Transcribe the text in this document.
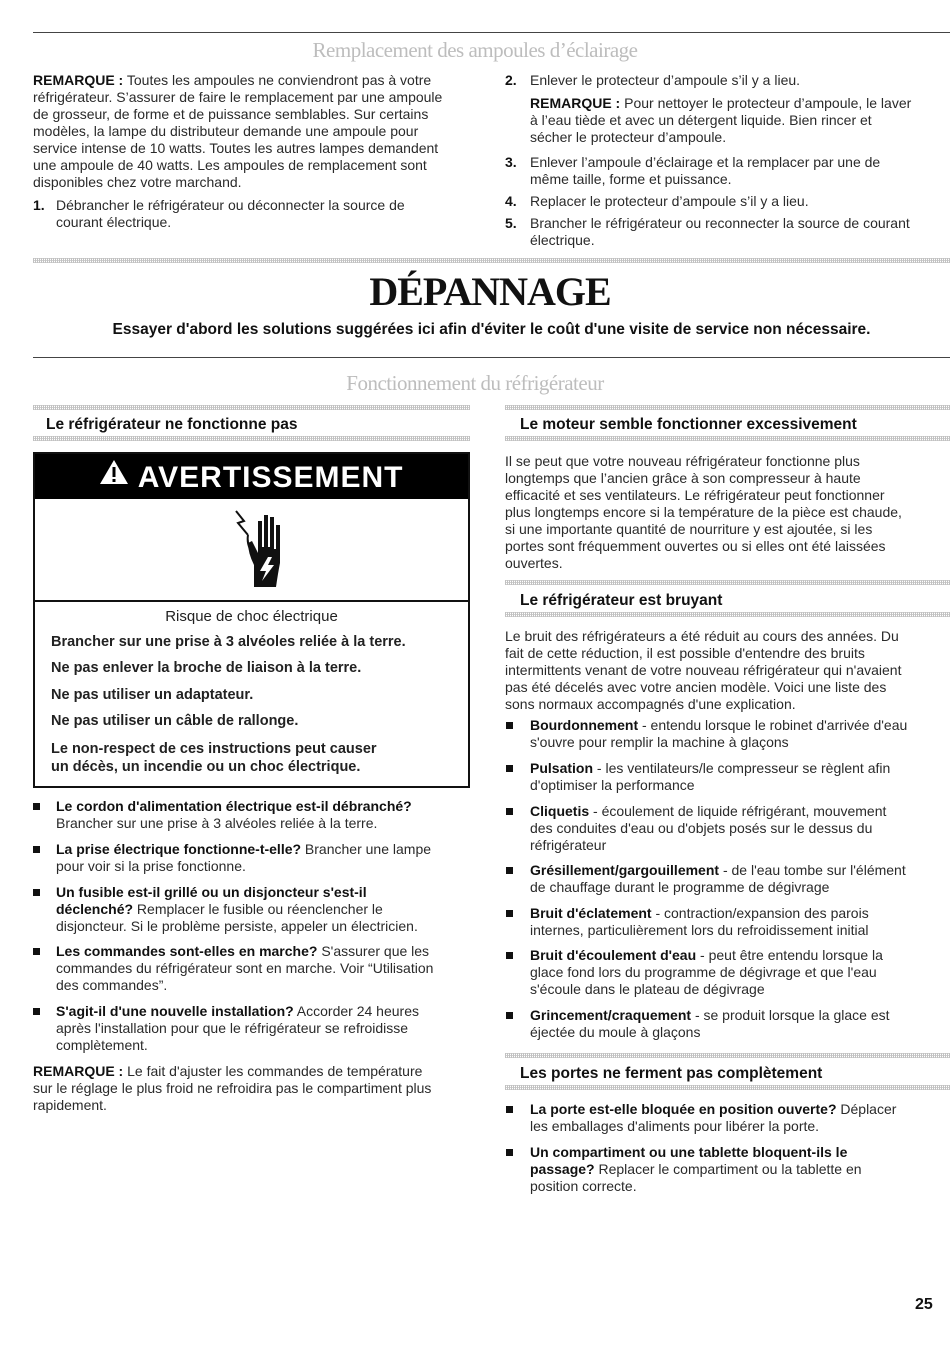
Remplacement des ampoules d’éclairage

REMARQUE : Toutes les ampoules ne conviendront pas à votre

réfrigérateur. S’assurer de faire le remplacement par une ampoule

de grosseur, de forme et de puissance semblables. Sur certains

modèles, la lampe du distributeur demande une ampoule pour

service intense de 10 watts. Toutes les autres lampes demandent

une ampoule de 40 watts. Les ampoules de remplacement sont

disponibles chez votre marchand.

1. Débrancher le réfrigérateur ou déconnecter la source de

courant électrique.

2. Enlever le protecteur d’ampoule s’il y a lieu.

REMARQUE : Pour nettoyer le protecteur d’ampoule, le laver

à l’eau tiède et avec un détergent liquide. Bien rincer et

sécher le protecteur d’ampoule.

3. Enlever l’ampoule d’éclairage et la remplacer par une de

même taille, forme et puissance.

4. Replacer le protecteur d’ampoule s’il y a lieu.

5. Brancher le réfrigérateur ou reconnecter la source de courant

électrique.

DÉPANNAGE
Essayer d'abord les solutions suggérées ici afin d'éviter le coût d'une visite de service non nécessaire.
Fonctionnement du réfrigérateur
Le réfrigérateur ne fonctionne pas
AVERTISSEMENT
Risque de choc électrique
Brancher sur une prise à 3 alvéoles reliée à la terre.
Ne pas enlever la broche de liaison à la terre.
Ne pas utiliser un adaptateur.
Ne pas utiliser un câble de rallonge.

Le non-respect de ces instructions peut causer

un décès, un incendie ou un choc électrique.

Le cordon d'alimentation électrique est-il débranché?

Brancher sur une prise à 3 alvéoles reliée à la terre.

La prise électrique fonctionne-t-elle? Brancher une lampe

pour voir si la prise fonctionne.

Un fusible est-il grillé ou un disjoncteur s'est-il

déclenché? Remplacer le fusible ou réenclencher le

disjoncteur. Si le problème persiste, appeler un électricien.

Les commandes sont-elles en marche? S'assurer que les

commandes du réfrigérateur sont en marche. Voir “Utilisation

des commandes”.

S'agit-il d'une nouvelle installation? Accorder 24 heures

après l'installation pour que le réfrigérateur se refroidisse

complètement.

REMARQUE : Le fait d'ajuster les commandes de température

sur le réglage le plus froid ne refroidira pas le compartiment plus

rapidement.

Le moteur semble fonctionner excessivement

Il se peut que votre nouveau réfrigérateur fonctionne plus

longtemps que l’ancien grâce à son compresseur à haute

efficacité et ses ventilateurs. Le réfrigérateur peut fonctionner

plus longtemps encore si la température de la pièce est chaude,

si une importante quantité de nourriture y est ajoutée, si les

portes sont fréquemment ouvertes ou si elles ont été laissées

ouvertes.

Le réfrigérateur est bruyant

Le bruit des réfrigérateurs a été réduit au cours des années. Du

fait de cette réduction, il est possible d'entendre des bruits

intermittents venant de votre nouveau réfrigérateur qui n'avaient

pas été décelés avec votre ancien modèle. Voici une liste des

sons normaux accompagnés d'une explication.

Bourdonnement - entendu lorsque le robinet d'arrivée d'eau

s'ouvre pour remplir la machine à glaçons

Pulsation - les ventilateurs/le compresseur se règlent afin

d'optimiser la performance

Cliquetis - écoulement de liquide réfrigérant, mouvement

des conduites d'eau ou d'objets posés sur le dessus du

réfrigérateur

Grésillement/gargouillement - de l'eau tombe sur l'élément

de chauffage durant le programme de dégivrage

Bruit d'éclatement - contraction/expansion des parois

internes, particulièrement lors du refroidissement initial

Bruit d'écoulement d'eau - peut être entendu lorsque la

glace fond lors du programme de dégivrage et que l'eau

s'écoule dans le plateau de dégivrage

Grincement/craquement - se produit lorsque la glace est

éjectée du moule à glaçons

Les portes ne ferment pas complètement

La porte est-elle bloquée en position ouverte? Déplacer

les emballages d'aliments pour libérer la porte.

Un compartiment ou une tablette bloquent-ils le

passage? Replacer le compartiment ou la tablette en

position correcte.

25
